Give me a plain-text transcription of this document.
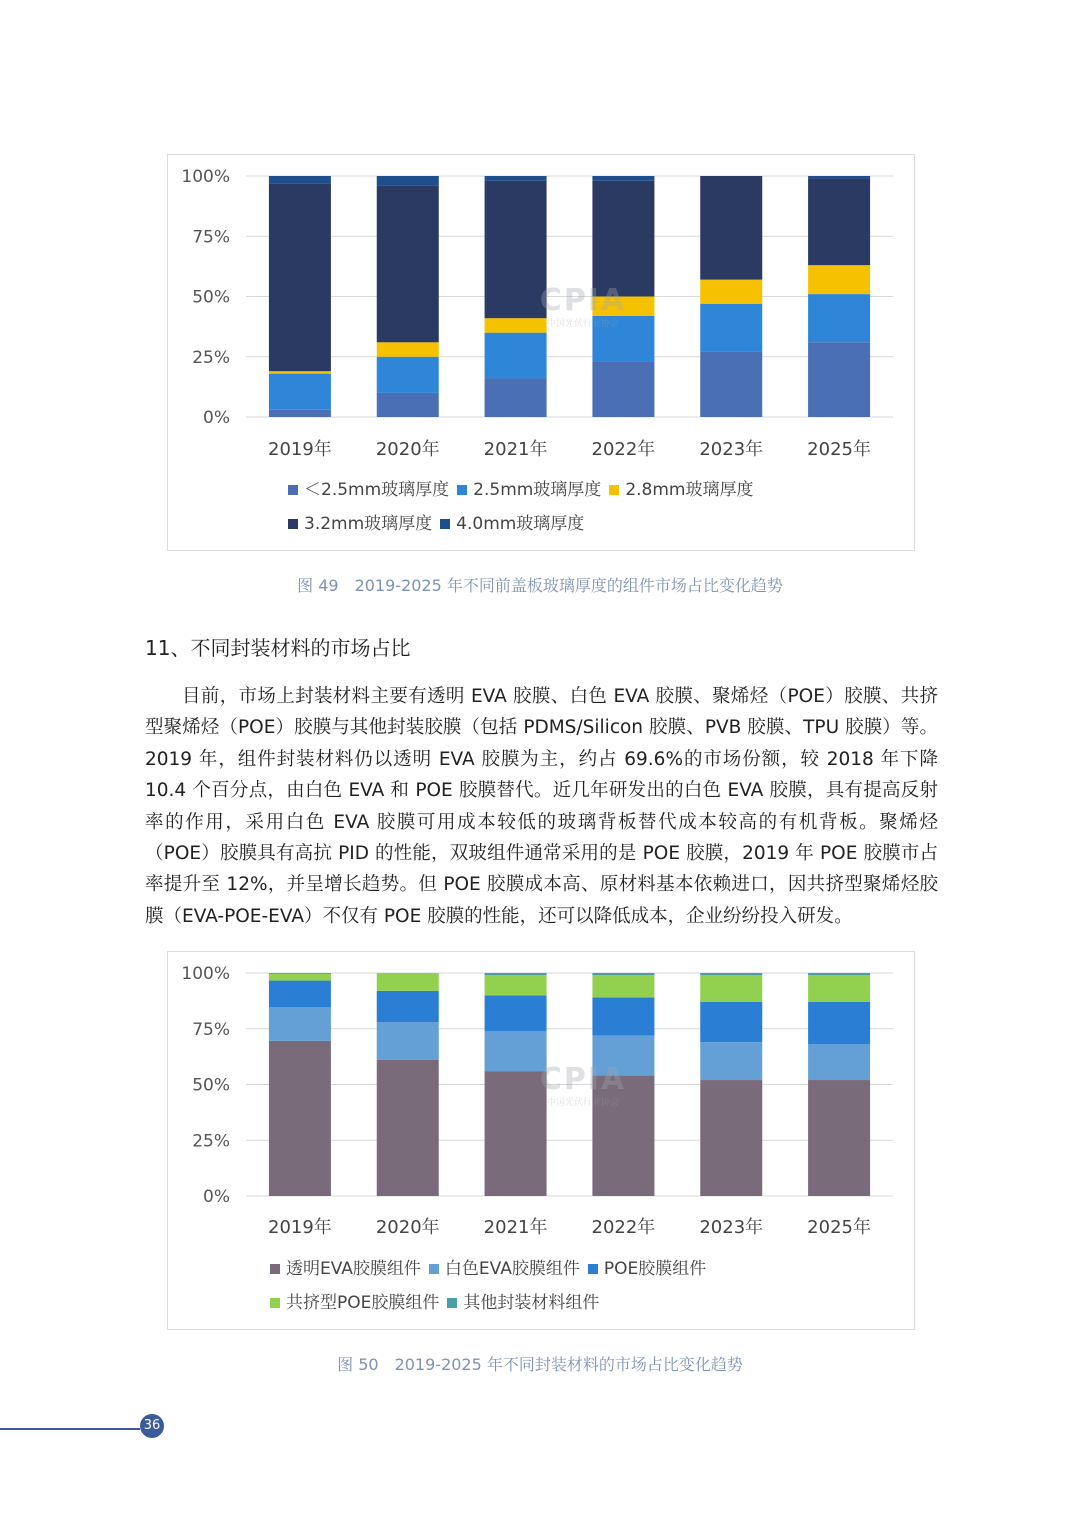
100%
75%
50%
25%
0%
2019年 2020年 2021年 2022年 2023年 2025年
CPIA
中国光伏行业协会
＜2.5mm玻璃厚度 2.5mm玻璃厚度 2.8mm玻璃厚度
3.2mm玻璃厚度 4.0mm玻璃厚度
图 49　2019-2025 年不同前盖板玻璃厚度的组件市场占比变化趋势
11、不同封装材料的市场占比
目前，市场上封装材料主要有透明 EVA 胶膜、白色 EVA 胶膜、聚烯烃（POE）胶膜、共挤型聚烯烃（POE）胶膜与其他封装胶膜（包括 PDMS/Silicon 胶膜、PVB 胶膜、TPU 胶膜）等。2019 年，组件封装材料仍以透明 EVA 胶膜为主，约占 69.6%的市场份额，较 2018 年下降 10.4 个百分点，由白色 EVA 和 POE 胶膜替代。近几年研发出的白色 EVA 胶膜，具有提高反射率的作用，采用白色 EVA 胶膜可用成本较低的玻璃背板替代成本较高的有机背板。聚烯烃（POE）胶膜具有高抗 PID 的性能，双玻组件通常采用的是 POE 胶膜，2019 年 POE 胶膜市占率提升至 12%，并呈增长趋势。但 POE 胶膜成本高、原材料基本依赖进口，因共挤型聚烯烃胶膜（EVA-POE-EVA）不仅有 POE 胶膜的性能，还可以降低成本，企业纷纷投入研发。
100%
75%
50%
25%
0%
2019年 2020年 2021年 2022年 2023年 2025年
CPIA
中国光伏行业协会
透明EVA胶膜组件 白色EVA胶膜组件 POE胶膜组件
共挤型POE胶膜组件 其他封装材料组件
图 50　2019-2025 年不同封装材料的市场占比变化趋势
36
